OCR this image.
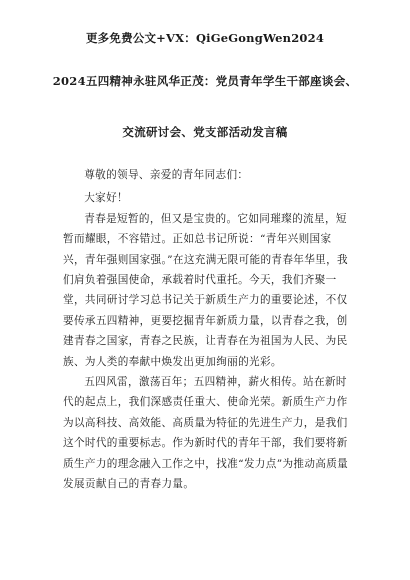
更多免费公文+VX：QiGeGongWen2024
2024五四精神永驻风华正茂：党员青年学生干部座谈会、
交流研讨会、党支部活动发言稿

尊敬的领导、亲爱的青年同志们：

大家好！

青春是短暂的，但又是宝贵的。它如同璀璨的流星，短暂而耀眼，不容错过。正如总书记所说：“青年兴则国家兴，青年强则国家强。”在这充满无限可能的青春年华里，我们肩负着强国使命，承载着时代重托。今天，我们齐聚一堂，共同研讨学习总书记关于新质生产力的重要论述，不仅要传承五四精神，更要挖掘青年新质力量，以青春之我，创建青春之国家，青春之民族，让青春在为祖国为人民、为民族、为人类的奉献中焕发出更加绚丽的光彩。

五四风雷，激荡百年；五四精神，薪火相传。站在新时代的起点上，我们深感责任重大、使命光荣。新质生产力作为以高科技、高效能、高质量为特征的先进生产力，是我们这个时代的重要标志。作为新时代的青年干部，我们要将新质生产力的理念融入工作之中，找准“发力点”为推动高质量发展贡献自己的青春力量。
